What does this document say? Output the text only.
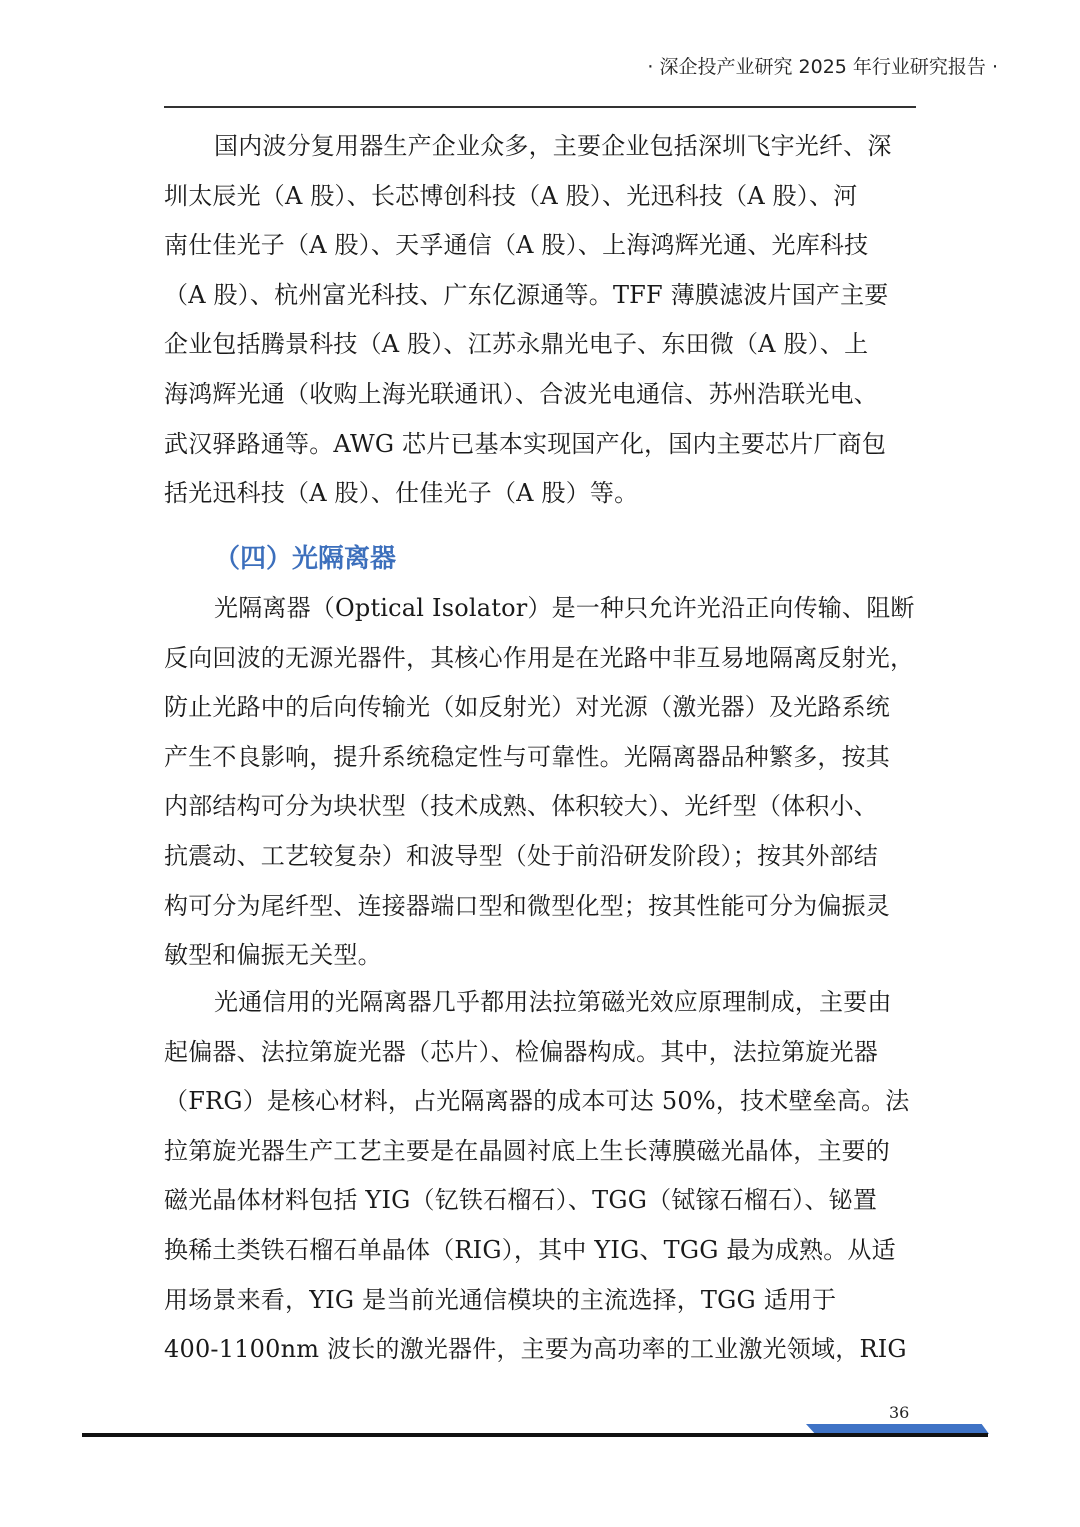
· 深企投产业研究 2025 年行业研究报告 ·
国内波分复用器生产企业众多，主要企业包括深圳飞宇光纤、深
圳太辰光（A 股）、长芯博创科技（A 股）、光迅科技（A 股）、河
南仕佳光子（A 股）、天孚通信（A 股）、上海鸿辉光通、光库科技
（A 股）、杭州富光科技、广东亿源通等。TFF 薄膜滤波片国产主要
企业包括腾景科技（A 股）、江苏永鼎光电子、东田微（A 股）、上
海鸿辉光通（收购上海光联通讯）、合波光电通信、苏州浩联光电、
武汉驿路通等。AWG 芯片已基本实现国产化，国内主要芯片厂商包
括光迅科技（A 股）、仕佳光子（A 股）等。
（四）光隔离器
光隔离器（Optical Isolator）是一种只允许光沿正向传输、阻断
反向回波的无源光器件，其核心作用是在光路中非互易地隔离反射光，
防止光路中的后向传输光（如反射光）对光源（激光器）及光路系统
产生不良影响，提升系统稳定性与可靠性。光隔离器品种繁多，按其
内部结构可分为块状型（技术成熟、体积较大）、光纤型（体积小、
抗震动、工艺较复杂）和波导型（处于前沿研发阶段）；按其外部结
构可分为尾纤型、连接器端口型和微型化型；按其性能可分为偏振灵
敏型和偏振无关型。
光通信用的光隔离器几乎都用法拉第磁光效应原理制成，主要由
起偏器、法拉第旋光器（芯片）、检偏器构成。其中，法拉第旋光器
（FRG）是核心材料，占光隔离器的成本可达 50%，技术壁垒高。法
拉第旋光器生产工艺主要是在晶圆衬底上生长薄膜磁光晶体，主要的
磁光晶体材料包括 YIG（钇铁石榴石）、TGG（铽镓石榴石）、铋置
换稀土类铁石榴石单晶体（RIG），其中 YIG、TGG 最为成熟。从适
用场景来看，YIG 是当前光通信模块的主流选择，TGG 适用于
400-1100nm 波长的激光器件，主要为高功率的工业激光领域，RIG
36
